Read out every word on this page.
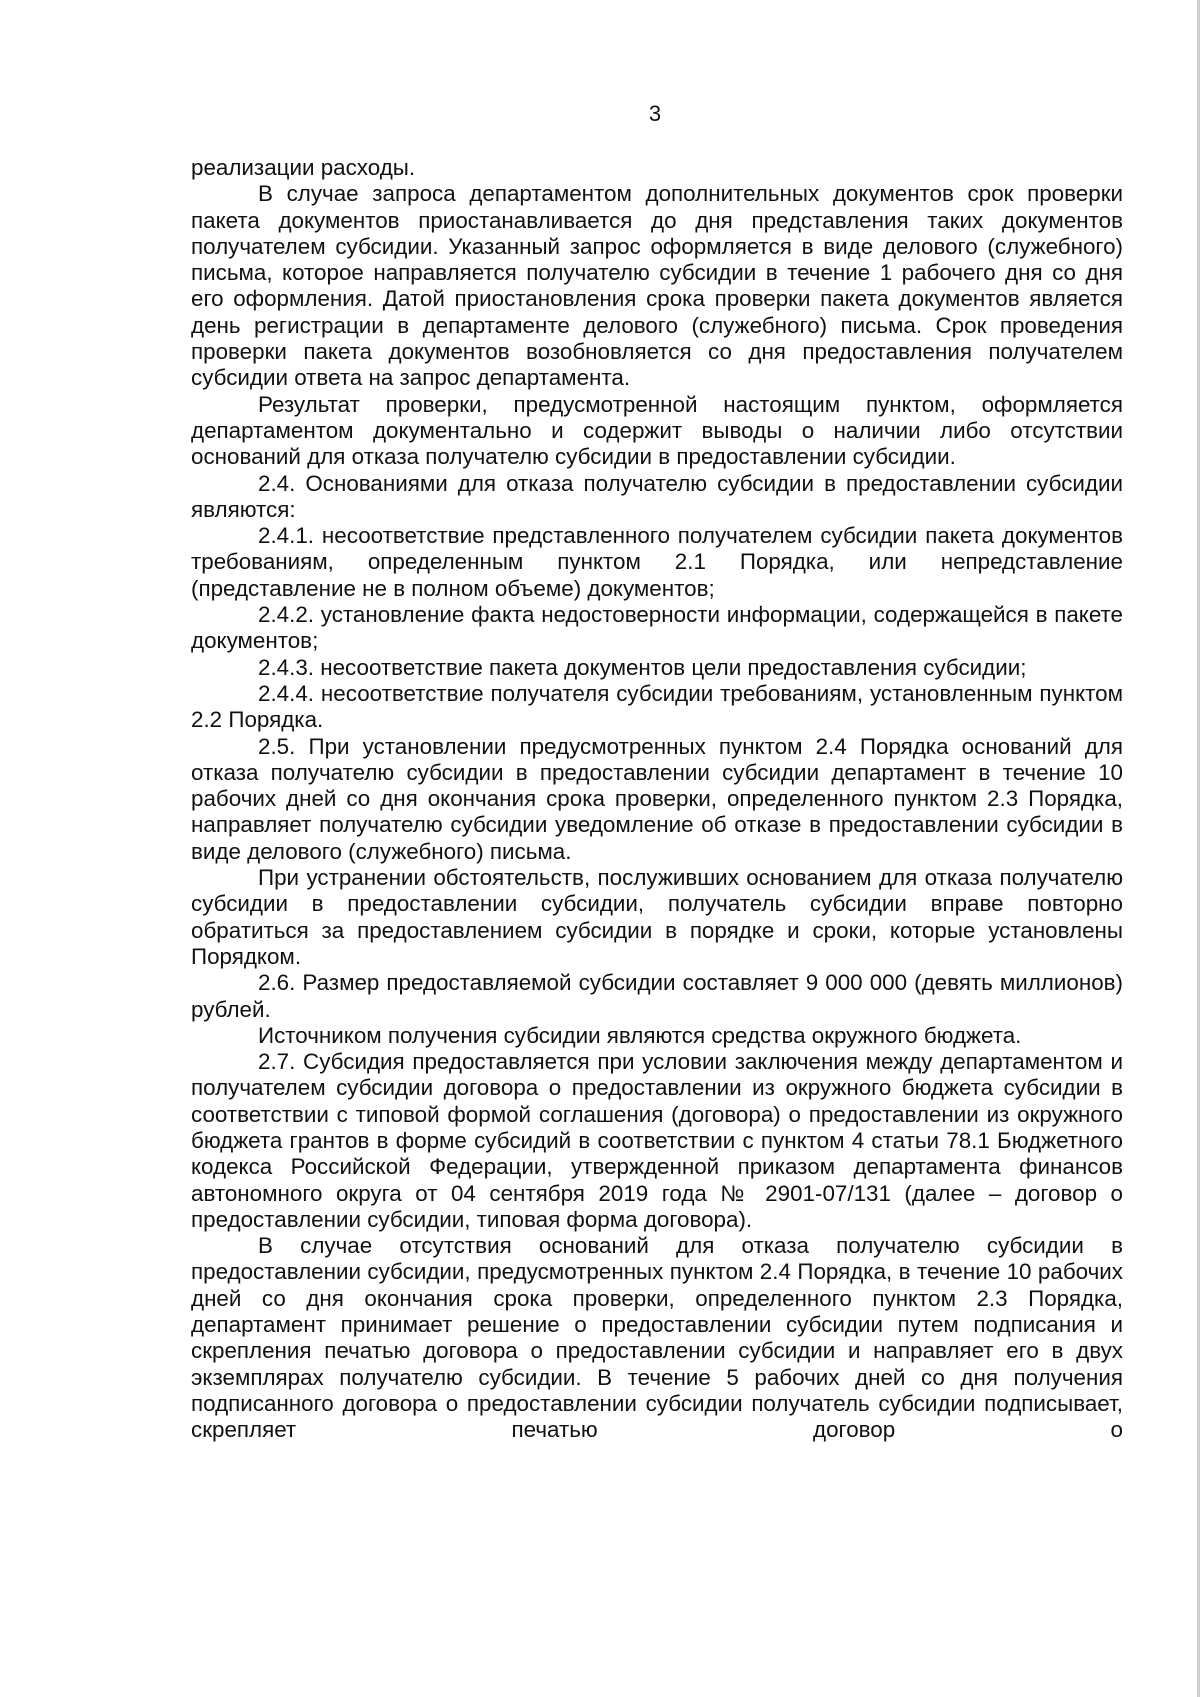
3

реализации расходы.

В случае запроса департаментом дополнительных документов срок проверки пакета документов приостанавливается до дня представления таких документов получателем субсидии. Указанный запрос оформляется в виде делового (служебного) письма, которое направляется получателю субсидии в течение 1 рабочего дня со дня его оформления. Датой приостановления срока проверки пакета документов является день регистрации в департаменте делового (служебного) письма. Срок проведения проверки пакета документов возобновляется со дня предоставления получателем субсидии ответа на запрос департамента.

Результат проверки, предусмотренной настоящим пунктом, оформляется департаментом документально и содержит выводы о наличии либо отсутствии оснований для отказа получателю субсидии в предоставлении субсидии.

2.4. Основаниями для отказа получателю субсидии в предоставлении субсидии являются:

2.4.1. несоответствие представленного получателем субсидии пакета документов требованиям, определенным пунктом 2.1 Порядка, или непредставление (представление не в полном объеме) документов;

2.4.2. установление факта недостоверности информации, содержащейся в пакете документов;

2.4.3. несоответствие пакета документов цели предоставления субсидии;

2.4.4. несоответствие получателя субсидии требованиям, установленным пунктом 2.2 Порядка.

2.5. При установлении предусмотренных пунктом 2.4 Порядка оснований для отказа получателю субсидии в предоставлении субсидии департамент в течение 10 рабочих дней со дня окончания срока проверки, определенного пунктом 2.3 Порядка, направляет получателю субсидии уведомление об отказе в предоставлении субсидии в виде делового (служебного) письма.

При устранении обстоятельств, послуживших основанием для отказа получателю субсидии в предоставлении субсидии, получатель субсидии вправе повторно обратиться за предоставлением субсидии в порядке и сроки, которые установлены Порядком.

2.6. Размер предоставляемой субсидии составляет 9 000 000 (девять миллионов) рублей.

Источником получения субсидии являются средства окружного бюджета.

2.7. Субсидия предоставляется при условии заключения между департаментом и получателем субсидии договора о предоставлении из окружного бюджета субсидии в соответствии с типовой формой соглашения (договора) о предоставлении из окружного бюджета грантов в форме субсидий в соответствии с пунктом 4 статьи 78.1 Бюджетного кодекса Российской Федерации, утвержденной приказом департамента финансов автономного округа от 04 сентября 2019 года № 2901-07/131 (далее – договор о предоставлении субсидии, типовая форма договора).

В случае отсутствия оснований для отказа получателю субсидии в предоставлении субсидии, предусмотренных пунктом 2.4 Порядка, в течение 10 рабочих дней со дня окончания срока проверки, определенного пунктом 2.3 Порядка, департамент принимает решение о предоставлении субсидии путем подписания и скрепления печатью договора о предоставлении субсидии и направляет его в двух экземплярах получателю субсидии. В течение 5 рабочих дней со дня получения подписанного договора о предоставлении субсидии получатель субсидии подписывает, скрепляет печатью договор о
